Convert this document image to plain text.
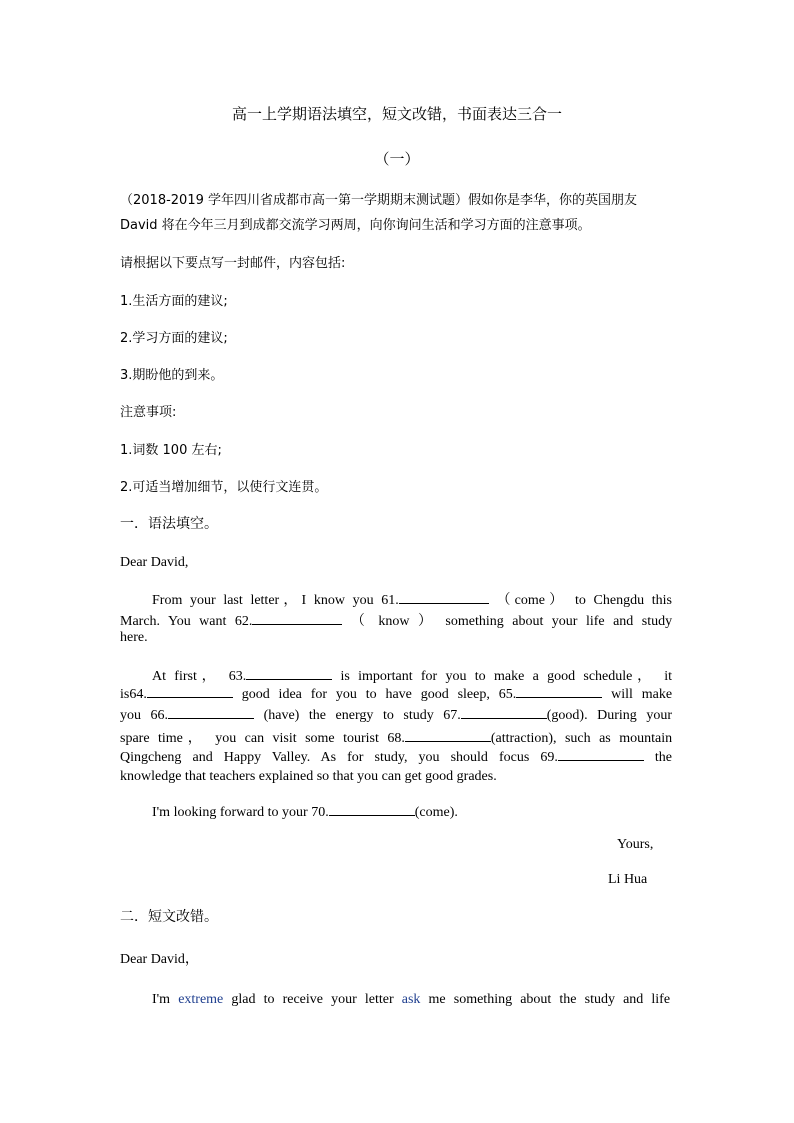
高一上学期语法填空，短文改错，书面表达三合一
（一）
（2018-2019 学年四川省成都市高一第一学期期末测试题）假如你是李华，你的英国朋友
David 将在今年三月到成都交流学习两周，向你询问生活和学习方面的注意事项。
请根据以下要点写一封邮件，内容包括:
1.生活方面的建议;
2.学习方面的建议;
3.期盼他的到来。
注意事项:
1.词数 100 左右;
2.可适当增加细节，以使行文连贯。
一．语法填空。
Dear David,
From your last letter，I know you 61.	（come） to Chengdu this
March. You want 62.	（ know ） something about your life and study
here.
At first， 63.	is important for you to make a good schedule， it
is64.	good idea for you to have good sleep, 65.	will make
you 66.	(have) the energy to study 67.	(good). During your
spare time， you can visit some tourist 68.	(attraction), such as mountain
Qingcheng and Happy Valley. As for study, you should focus 69.	the
knowledge that teachers explained so that you can get good grades.
I'm looking forward to your 70.	(come).
Yours,
Li Hua
二．短文改错。
Dear David，
I'm extreme glad to receive your letter ask me something about the study and life
